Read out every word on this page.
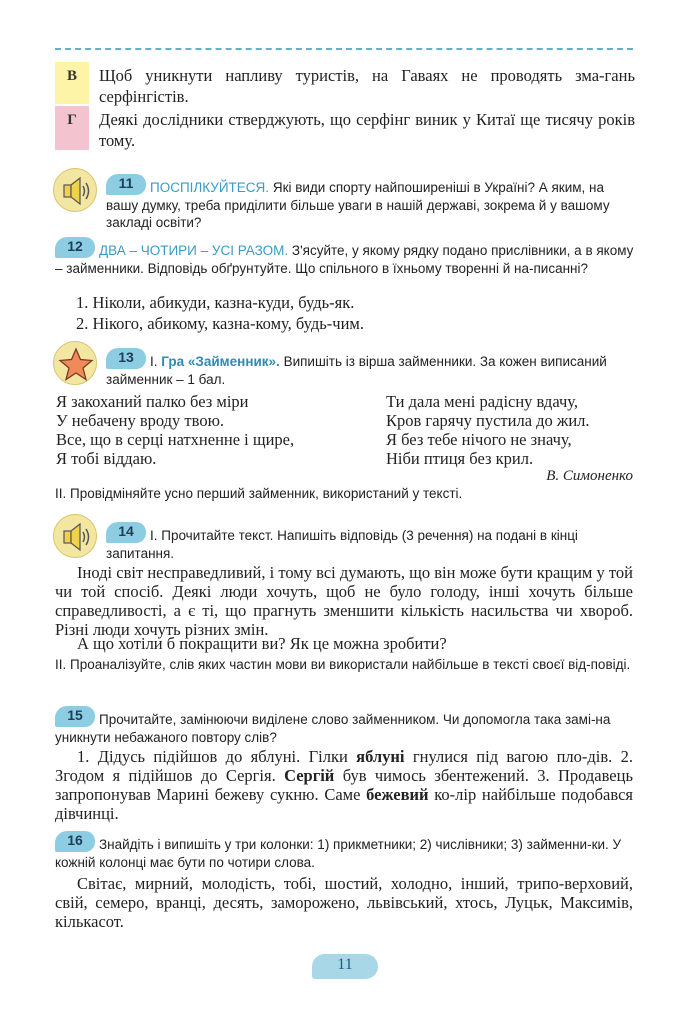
В	Щоб уникнути напливу туристів, на Гаваях не проводять зма-гань серфінгістів.
Г	Деякі дослідники стверджують, що серфінг виник у Китаї ще тисячу років тому.
11	ПОСПІЛКУЙТЕСЯ. Які види спорту найпоширеніші в Україні? А яким, на вашу думку, треба приділити більше уваги в нашій державі, зокрема й у вашому закладі освіти?
12	ДВА – ЧОТИРИ – УСІ РАЗОМ. З'ясуйте, у якому рядку подано прислівники, а в якому – займенники. Відповідь обґрунтуйте. Що спільного в їхньому творенні й на-писанні?
1. Ніколи, абикуди, казна-куди, будь-як.
2. Нікого, абикому, казна-кому, будь-чим.
13	I. Гра «Займенник». Випишіть із вірша займенники. За кожен виписаний займенник – 1 бал.
Я закоханий палко без міри
У небачену вроду твою.
Все, що в серці натхненне і щире,
Я тобі віддаю.
Ти дала мені радісну вдачу,
Кров гарячу пустила до жил.
Я без тебе нічого не значу,
Ніби птиця без крил.
В. Симоненко
II. Провідміняйте усно перший займенник, використаний у тексті.
14	I. Прочитайте текст. Напишіть відповідь (3 речення) на подані в кінці запитання.
Іноді світ несправедливий, і тому всі думають, що він може бути кращим у той чи той спосіб. Деякі люди хочуть, щоб не було голоду, інші хочуть більше справедливості, а є ті, що прагнуть зменшити кількість насильства чи хвороб. Різні люди хочуть різних змін.
А що хотіли б покращити ви? Як це можна зробити?
II. Проаналізуйте, слів яких частин мови ви використали найбільше в тексті своєї від-повіді.
15	Прочитайте, замінюючи виділене слово займенником. Чи допомогла така замі-на уникнути небажаного повтору слів?
1. Дідусь підійшов до яблуні. Гілки яблуні гнулися під вагою пло-дів. 2. Згодом я підійшов до Сергія. Сергій був чимось збентежений. 3. Продавець запропонував Марині бежеву сукню. Саме бежевий ко-лір найбільше подобався дівчинці.
16	Знайдіть і випишіть у три колонки: 1) прикметники; 2) числівники; 3) займенни-ки. У кожній колонці має бути по чотири слова.
Світає, мирний, молодість, тобі, шостий, холодно, інший, трипо-верховий, свій, семеро, вранці, десять, заморожено, львівський, хтось, Луцьк, Максимів, кількасот.
11
